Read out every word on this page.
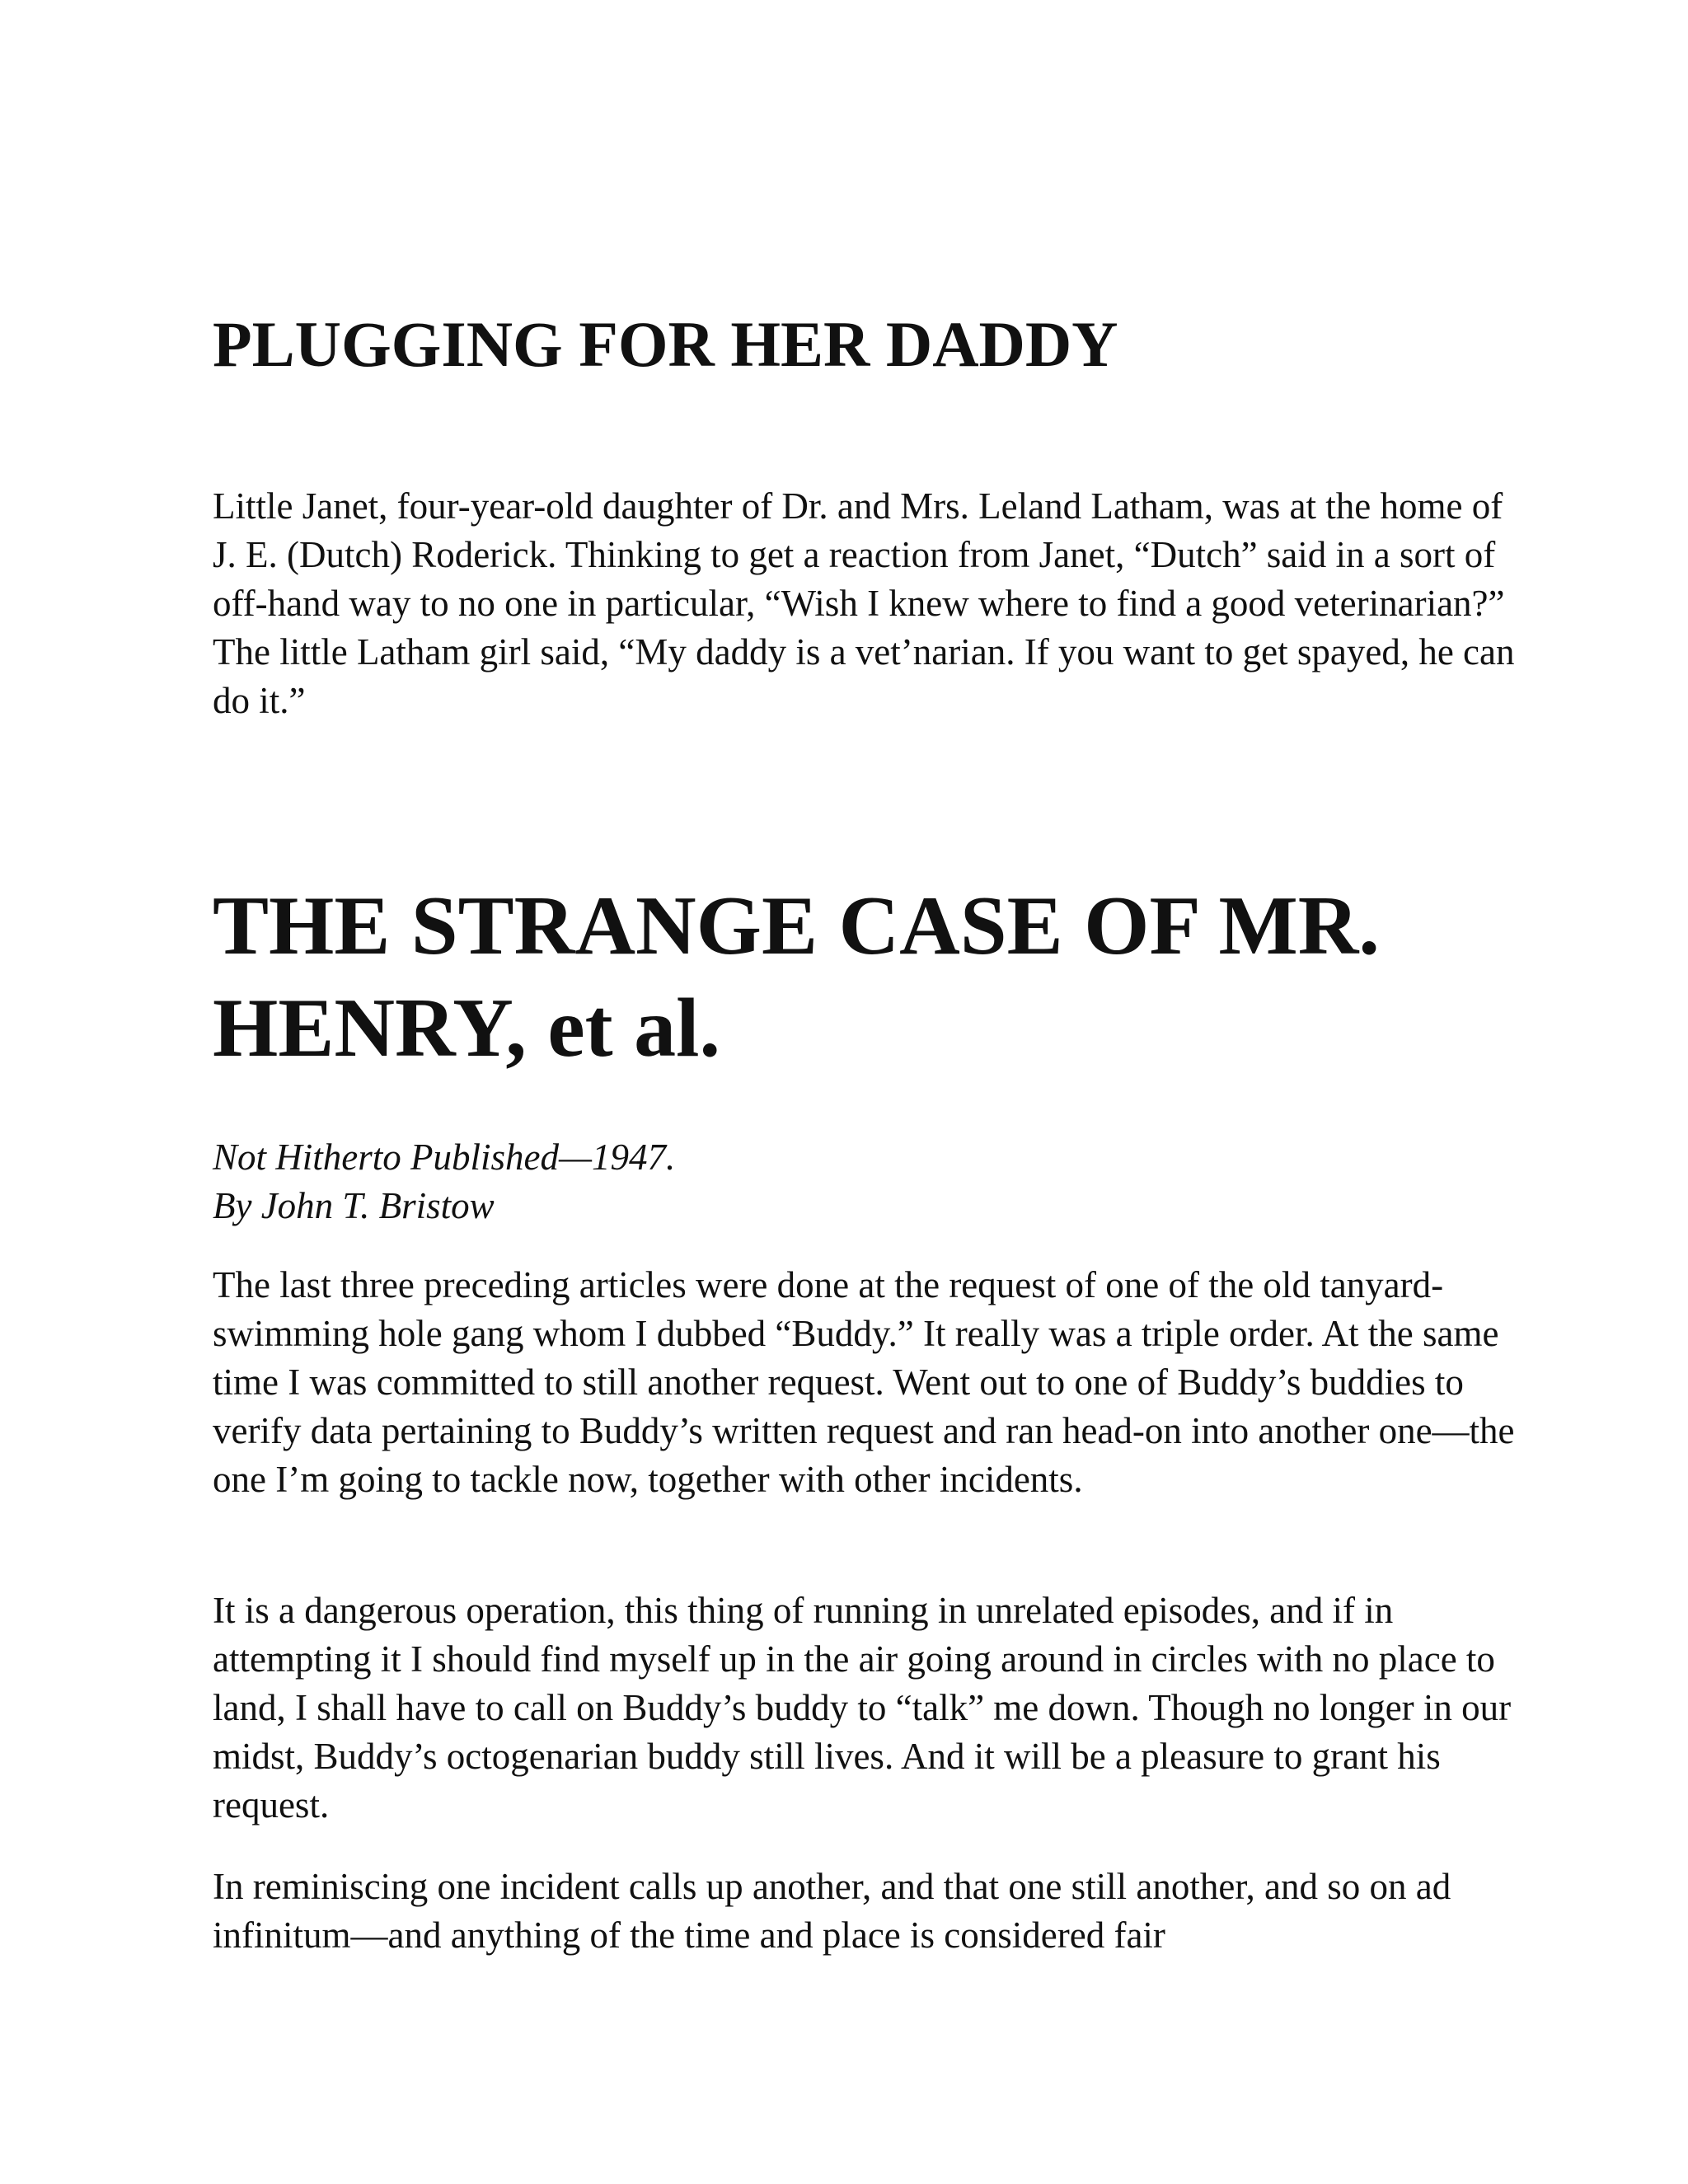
PLUGGING FOR HER DADDY

Little Janet, four-year-old daughter of Dr. and Mrs. Leland Latham, was at the home of J. E. (Dutch) Roderick. Thinking to get a reaction from Janet, “Dutch” said in a sort of off-hand way to no one in particular, “Wish I knew where to find a good veterinarian?” The little Latham girl said, “My daddy is a vet’narian. If you want to get spayed, he can do it.”

THE STRANGE CASE OF MR. HENRY, et al.
Not Hitherto Published—1947.
By John T. Bristow

The last three preceding articles were done at the request of one of the old tanyard-swimming hole gang whom I dubbed “Buddy.” It really was a triple order. At the same time I was committed to still another request. Went out to one of Buddy’s buddies to verify data pertaining to Buddy’s written request and ran head-on into another one—the one I’m going to tackle now, together with other incidents.

It is a dangerous operation, this thing of running in unrelated episodes, and if in attempting it I should find myself up in the air going around in circles with no place to land, I shall have to call on Buddy’s buddy to “talk” me down. Though no longer in our midst, Buddy’s octogenarian buddy still lives. And it will be a pleasure to grant his request.

In reminiscing one incident calls up another, and that one still another, and so on ad infinitum—and anything of the time and place is considered fair
